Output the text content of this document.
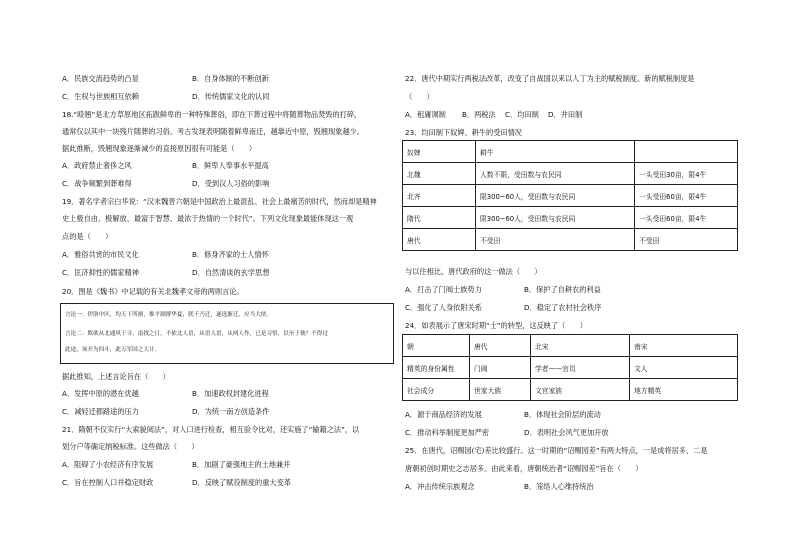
A．民族交流趋势的凸显	B．自身体制的不断创新
C．生权与世族相互依赖	D．传统儒家文化的认同
18.“殴翘”是北方草原地区拓跋鲜卑的一种特殊葬俗，即在下葬过程中将随葬物品焚毁的打碎，
通常仅以其中一块残片随葬的习俗。考古发现表明随着鲜卑南迁，越靠近中原，毁翘现象越少。
据此推断，毁翘现象逐渐减少的直接原因很有可能是（　　）
A．政府禁止奢侈之风	B．鲜卑人奉事水平提高
C．战争频繁到葬难得	D．受到汉人习俗的影响
19．著名学者宗白华说：“汉末魏晋六朝是中国政治上最混乱、社会上最痛苦的时代，然而却是精神
史上极自由、极解放、最富于智慧、最浓于热情的一个时代”。下列文化现象最能体现这一观
点的是（　　）
A．雅俗共赏的市民文化	B．修身齐家的士人情怀
C．匡济抑性的儒家精神	D．自然清谈的玄学思想
20．图是《魏书》中记载的有关北魏孝文帝的两则言论。
言论一：伊洛中区，均天下所据，推平制群华夏，朕千乃迁，遂选渐迁，应当大侠。
言论二：欺欲从北通风于寻，南找之日，不依北人语，从语人语，从两人作，已是习悟，以至于彼？不得过
此途，该开为四斗，此万军国之大计。
据此推知，上述言论旨在（　　）
A．发挥中原的潜在优越	B．加速政权封建化进程
C．减轻迁都路途的压力	D．为统一南方创造条件
21．隋朝不仅实行“大索貌阅法”，对人口进行检查，相互验令比对，还实施了“输籍之法”，以
划分户等确定纳税标准。这些做法（　　）
A．阻碍了小农经济有序发展	B．加剧了豪强地主的土地兼并
C．旨在控制人口并稳定财政	D．反映了赋役制度的重大变革
22．唐代中期实行两税法改革，改变了自战国以来以人丁为主的赋税制度。新的赋税制度是
（　　）
A．租庸调制 B．两税法 C．均田制 D．井田制
23．均田制下奴婢、耕牛的受田情况
奴婢	耕牛	
北魏	人数不限，受田数与农民同	一头受田30亩，限4牛
北齐	限300~60人，受田数与农民同	一头受田60亩，限4牛
隋代	限300~60人，受田数与农民同	一头受田60亩，限4牛
唐代	不受田	不受田
与以往相比，唐代政府的这一做法（　　）
A．打击了门阀士族势力	B．保护了自耕农的利益
C．强化了人身依附关系	D．稳定了农村社会秩序
24．如表展示了唐宋时期“士”的转型，这反映了（　　）
朝	唐代	北宋	南宋
精英的身份属性	门阀	学者——官员	文人
社会成分	世家大族	文官家族	地方精英
A．源于商品经济的发展	B．体现社会阶层的流动
C．推动科举制度更加严密	D．表明社会风气更加开放
25．在唐代，诏赐园(宅)差比较盛行。这一时期的“诏赐园差”有两大特点，一是成将居多，二是
唐朝初创时期史之志居多。由此来看，唐朝统治者“诏赐园差”旨在（　　）
A．冲击传统宗族观念	B．笼络人心维持统治
